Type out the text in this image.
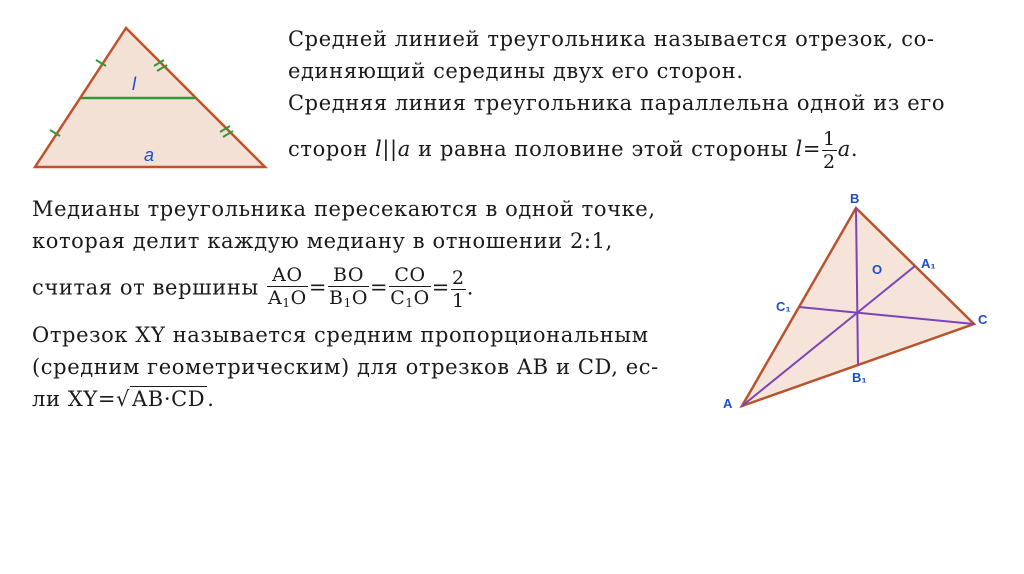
l
a
Средней линией треугольника называется отрезок, со-
единяющий середины двух его сторон.
Средняя линия треугольника параллельна одной из его
сторон l||a и равна половине этой стороны $l= \frac{1}{2} a$.
Медианы треугольника пересекаются в одной точке,
которая делит каждую медиану в отношении 2:1,
считая от вершины $\frac{AO}{A_1O} = \frac{BO}{B_1O} = \frac{CO}{C_1O} = \frac{2}{1}$ .
Отрезок XY называется средним пропорциональным
(средним геометрическим) для отрезков AB и CD, ес-
ли XY=√AB·CD.
B
A₁
O
C₁
C
B₁
A
